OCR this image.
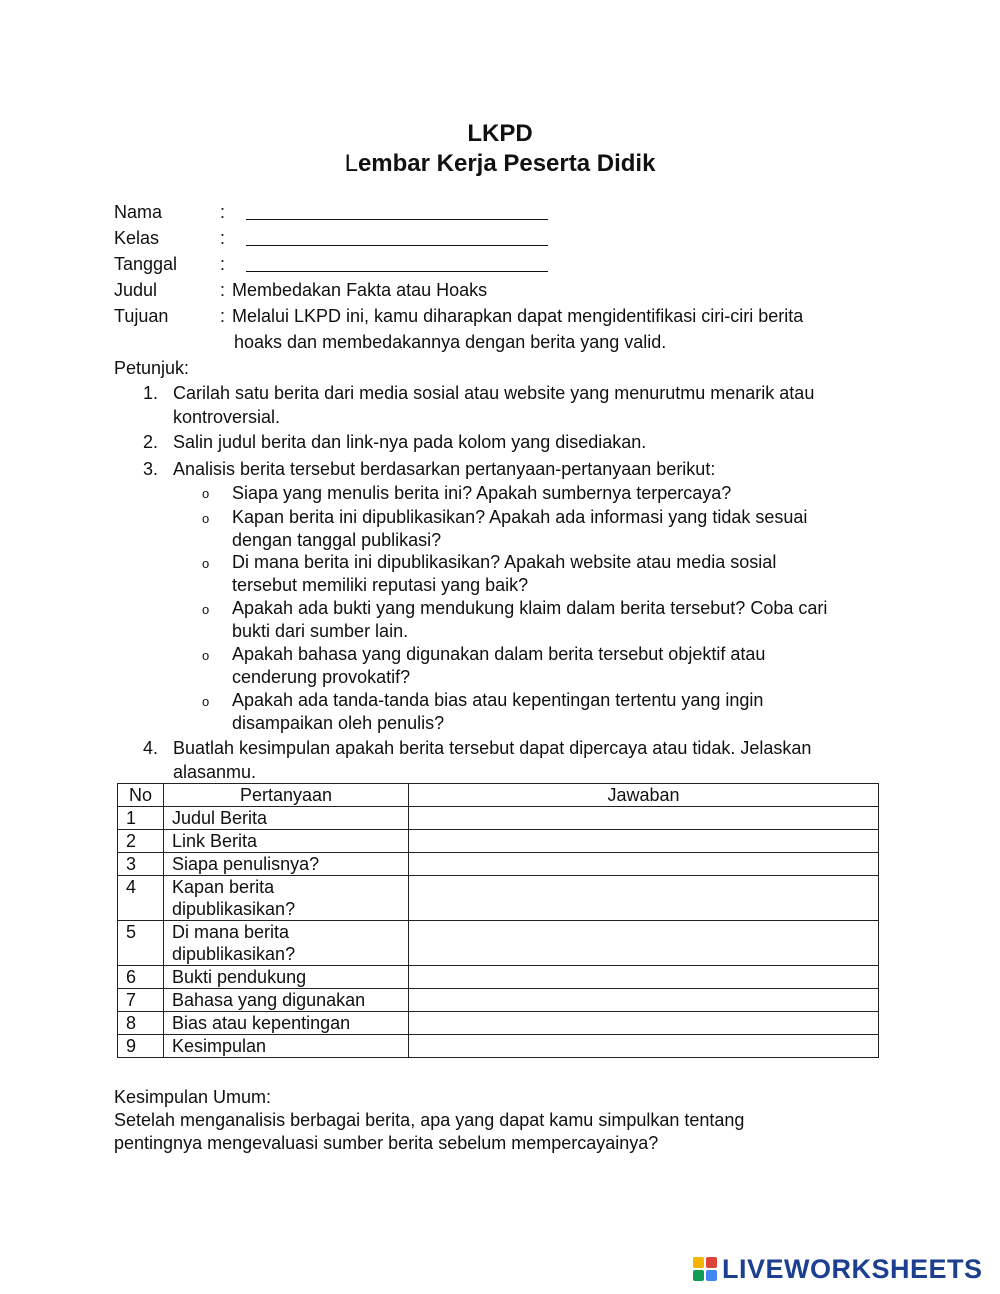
LKPD
Lembar Kerja Peserta Didik
Nama	:
Kelas	:
Tanggal :
Judul	: Membedakan Fakta atau Hoaks
Tujuan	: Melalui LKPD ini, kamu diharapkan dapat mengidentifikasi ciri-ciri berita
hoaks dan membedakannya dengan berita yang valid.
Petunjuk:
1. Carilah satu berita dari media sosial atau website yang menurutmu menarik atau
kontroversial.
2. Salin judul berita dan link-nya pada kolom yang disediakan.
3. Analisis berita tersebut berdasarkan pertanyaan-pertanyaan berikut:
o Siapa yang menulis berita ini? Apakah sumbernya terpercaya?
o Kapan berita ini dipublikasikan? Apakah ada informasi yang tidak sesuai
dengan tanggal publikasi?
o Di mana berita ini dipublikasikan? Apakah website atau media sosial
tersebut memiliki reputasi yang baik?
o Apakah ada bukti yang mendukung klaim dalam berita tersebut? Coba cari
bukti dari sumber lain.
o Apakah bahasa yang digunakan dalam berita tersebut objektif atau
cenderung provokatif?
o Apakah ada tanda-tanda bias atau kepentingan tertentu yang ingin
disampaikan oleh penulis?
4. Buatlah kesimpulan apakah berita tersebut dapat dipercaya atau tidak. Jelaskan
alasanmu.
No	Pertanyaan	Jawaban
1	Judul Berita	
2	Link Berita	
3	Siapa penulisnya?	
4	Kapan berita
dipublikasikan?	

5	Di mana berita
dipublikasikan?	

6	Bukti pendukung	
7	Bahasa yang digunakan	
8	Bias atau kepentingan	
9	Kesimpulan	
Kesimpulan Umum:
Setelah menganalisis berbagai berita, apa yang dapat kamu simpulkan tentang
pentingnya mengevaluasi sumber berita sebelum mempercayainya?
LIVEWORKSHEETS
